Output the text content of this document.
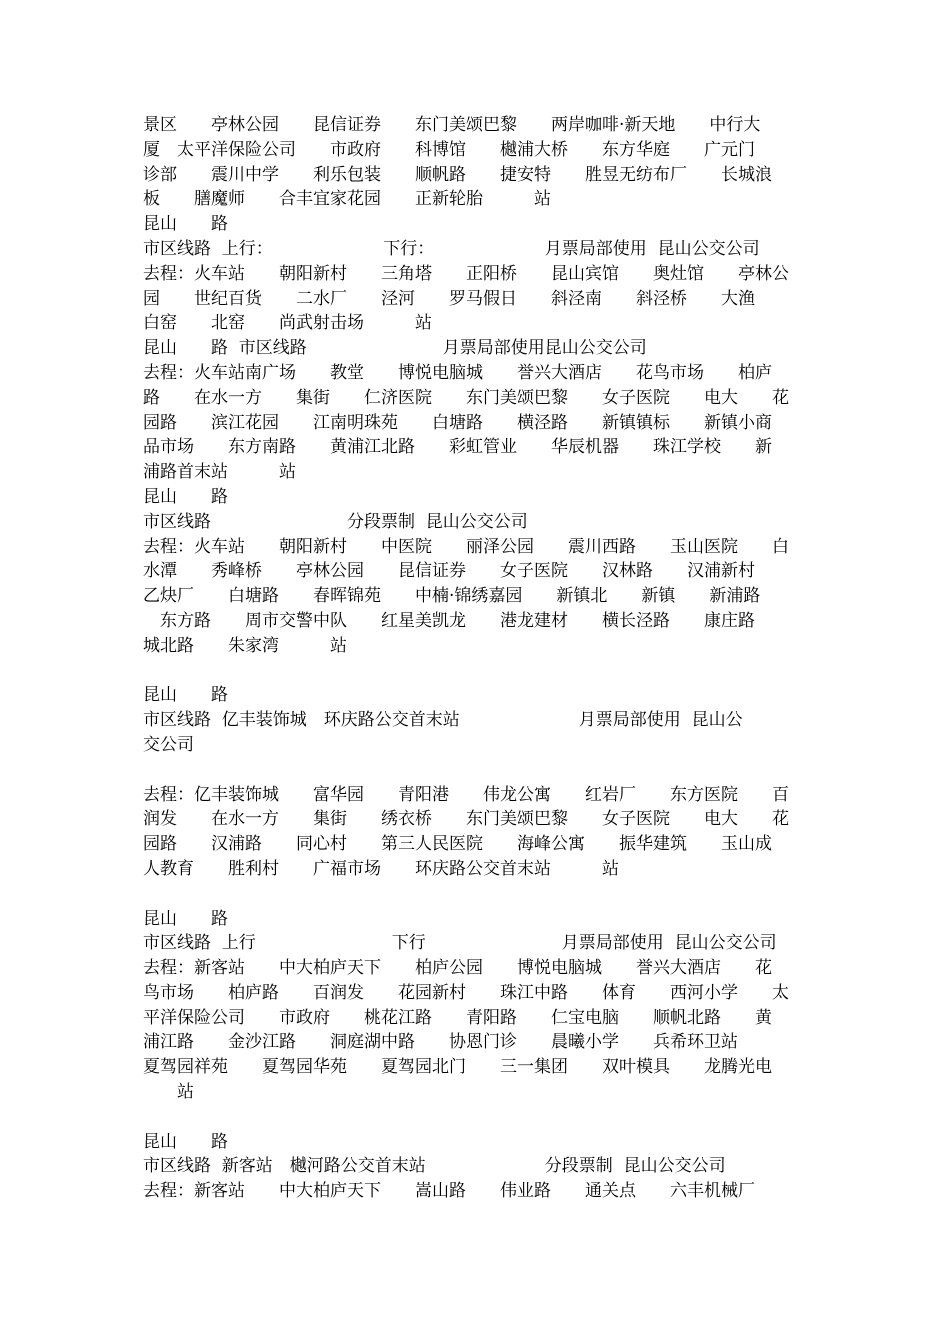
景区　　亭林公园　　昆信证券　　东门美颂巴黎　　两岸咖啡·新天地　　中行大
厦　太平洋保险公司　　市政府　　科博馆　　樾浦大桥　　东方华庭　　广元门
诊部　　震川中学　　利乐包装　　顺帆路　　捷安特　　胜昱无纺布厂　　长城浪
板　　膳魔师　　合丰宜家花园　　正新轮胎　　　站
昆山　　路
市区线路  上行：　　　　　　　下行：　　　　　　　月票局部使用  昆山公交公司
去程：火车站　　朝阳新村　　三角塔　　正阳桥　　昆山宾馆　　奥灶馆　　亭林公
园　　世纪百货　　二水厂　　泾河　　罗马假日　　斜泾南　　斜泾桥　　大渔
白窑　　北窑　　尚武射击场　　　站
昆山　　路  市区线路　　　　　　　　月票局部使用昆山公交公司
去程：火车站南广场　　教堂　　博悦电脑城　　誉兴大酒店　　花鸟市场　　柏庐
路　　在水一方　　集街　　仁济医院　　东门美颂巴黎　　女子医院　　电大　　花
园路　　滨江花园　　江南明珠苑　　白塘路　　横泾路　　新镇镇标　　新镇小商
品市场　　东方南路　　黄浦江北路　　彩虹管业　　华辰机器　　珠江学校　　新
浦路首末站　　　站
昆山　　路
市区线路　　　　　　　　分段票制  昆山公交公司
去程：火车站　　朝阳新村　　中医院　　丽泽公园　　震川西路　　玉山医院　　白
水潭　　秀峰桥　　亭林公园　　昆信证券　　女子医院　　汉林路　　汉浦新村
乙炔厂　　白塘路　　春晖锦苑　　中楠·锦绣嘉园　　新镇北　　新镇　　新浦路
　东方路　　周市交警中队　　红星美凯龙　　港龙建材　　横长泾路　　康庄路
城北路　　朱家湾　　　站
昆山　　路
市区线路  亿丰装饰城　环庆路公交首末站　　　　　　　月票局部使用  昆山公
交公司
去程：亿丰装饰城　　富华园　　青阳港　　伟龙公寓　　红岩厂　　东方医院　　百
润发　　在水一方　　集街　　绣衣桥　　东门美颂巴黎　　女子医院　　电大　　花
园路　　汉浦路　　同心村　　第三人民医院　　海峰公寓　　振华建筑　　玉山成
人教育　　胜利村　　广福市场　　环庆路公交首末站　　　站
昆山　　路
市区线路  上行　　　　　　　　下行　　　　　　　　月票局部使用  昆山公交公司
去程：新客站　　中大柏庐天下　　柏庐公园　　博悦电脑城　　誉兴大酒店　　花
鸟市场　　柏庐路　　百润发　　花园新村　　珠江中路　　体育　　西河小学　　太
平洋保险公司　　市政府　　桃花江路　　青阳路　　仁宝电脑　　顺帆北路　　黄
浦江路　　金沙江路　　洞庭湖中路　　协恩门诊　　晨曦小学　　兵希环卫站
夏驾园祥苑　　夏驾园华苑　　夏驾园北门　　三一集团　　双叶模具　　龙腾光电
　　站
昆山　　路
市区线路  新客站　樾河路公交首末站　　　　　　　分段票制  昆山公交公司
去程：新客站　　中大柏庐天下　　嵩山路　　伟业路　　通关点　　六丰机械厂
